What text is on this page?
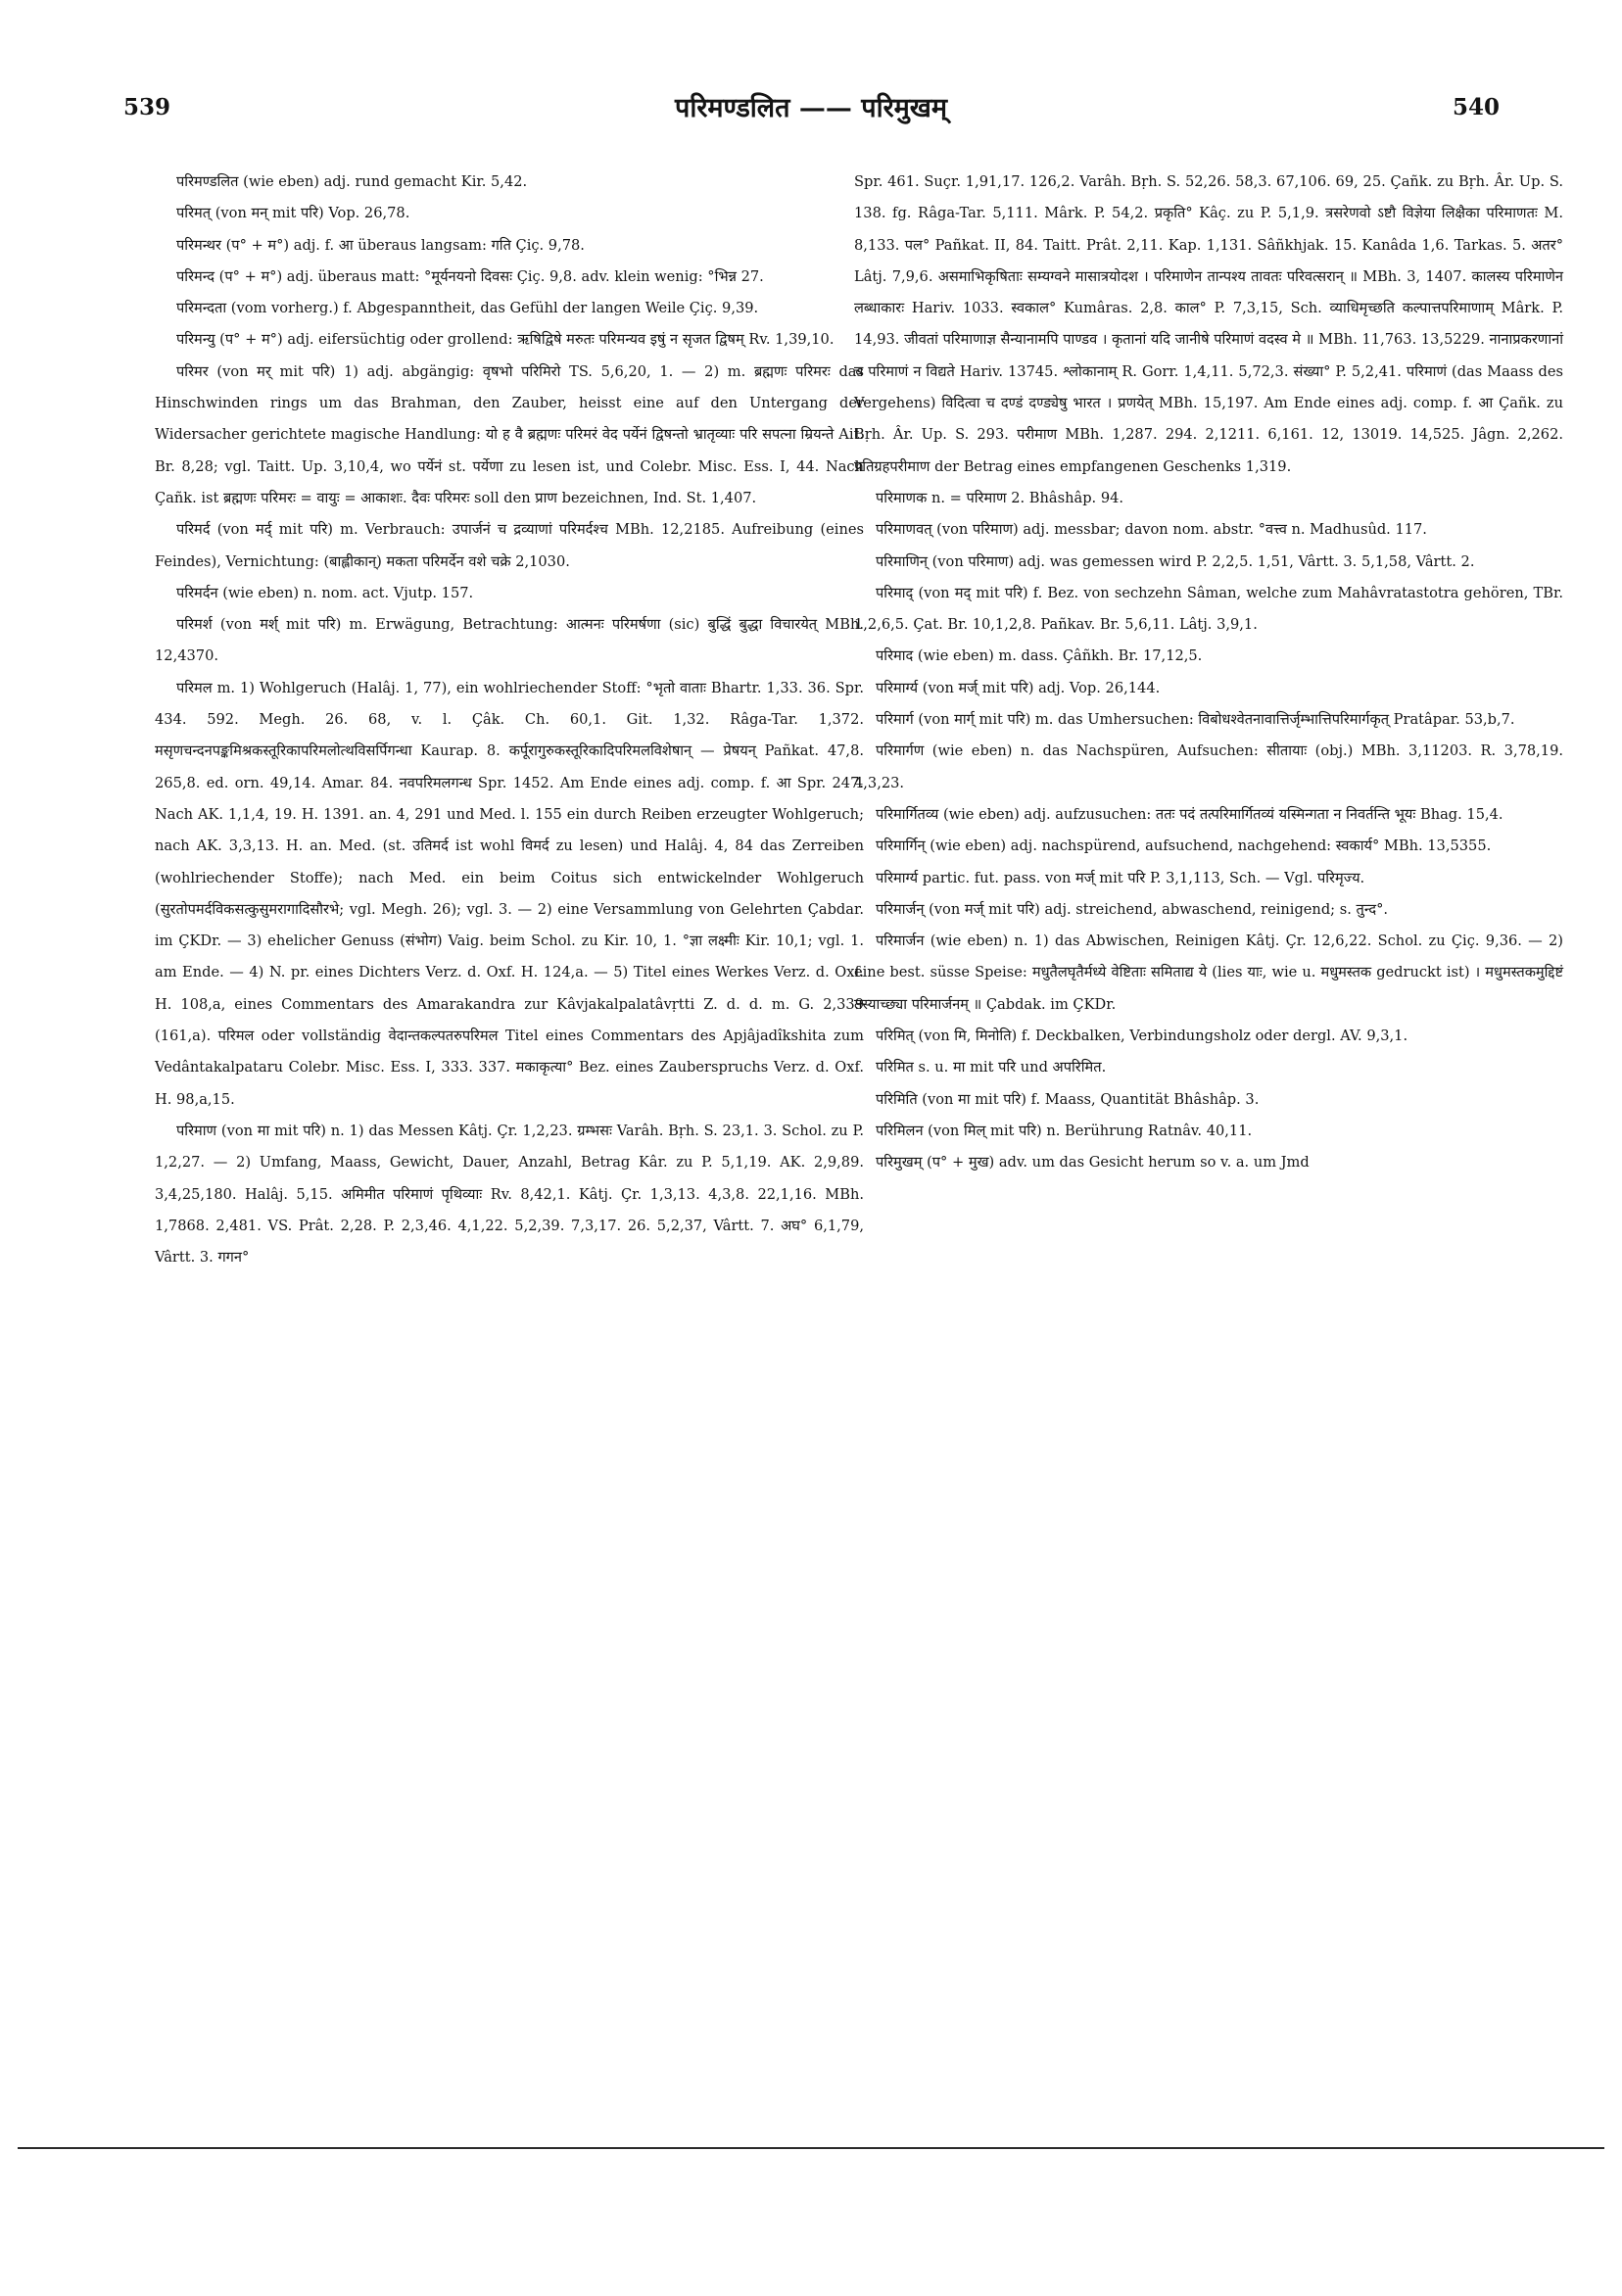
539	परिमण्डलित —— परिमुखम्	540

परिमण्डलित (wie eben) adj. rund gemacht Kir. 5,42.

परिमत् (von मन् mit परि) Vop. 26,78.

परिमन्थर (प° + म°) adj. f. आ überaus langsam: गति Çiç. 9,78.

परिमन्द (प° + म°) adj. überaus matt: °मूर्यनयनो दिवसः Çiç. 9,8. adv. klein wenig: °भिन्न 27.

परिमन्दता (vom vorherg.) f. Abgespanntheit, das Gefühl der langen Weile Çiç. 9,39.

परिमन्यु (प° + म°) adj. eifersüchtig oder grollend: ऋषिद्विषे मरुतः परिमन्यव इषुं न सृजत द्विषम् Rv. 1,39,10.

परिमर (von मर् mit परि) 1) adj. abgängig: वृषभो परिमिरो TS. 5,6,20, 1. — 2) m. ब्रह्मणः परिमरः das Hinschwinden rings um das Brahman, den Zauber, heisst eine auf den Untergang der Widersacher gerichtete magische Handlung: यो ह वै ब्रह्मणः परिमरं वेद पर्येनं द्विषन्तो भ्रातृव्याः परि सपत्ना म्रियन्ते Ait. Br. 8,28; vgl. Taitt. Up. 3,10,4, wo पर्येनं st. पर्येणा zu lesen ist, und Colebr. Misc. Ess. I, 44. Nach Çañk. ist ब्रह्मणः परिमरः = वायुः = आकाशः. दैवः परिमरः soll den प्राण bezeichnen, Ind. St. 1,407.

परिमर्द (von मर्द् mit परि) m. Verbrauch: उपार्जनं च द्रव्याणां परिमर्दश्च MBh. 12,2185. Aufreibung (eines Feindes), Vernichtung: (बाह्लीकान्) मकता परिमर्देन वशे चक्रे 2,1030.

परिमर्दन (wie eben) n. nom. act. Vjutp. 157.

परिमर्श (von मर्श् mit परि) m. Erwägung, Betrachtung: आत्मनः परिमर्षणा (sic) बुद्धिं बुद्धा विचारयेत् MBh. 12,4370.

परिमल m. 1) Wohlgeruch (Halâj. 1, 77), ein wohlriechender Stoff: °भृतो वाताः Bhartr. 1,33. 36. Spr. 434. 592. Megh. 26. 68, v. l. Çâk. Ch. 60,1. Git. 1,32. Râga-Tar. 1,372. मसृणचन्दनपङ्कमिश्रकस्तूरिकापरिमलोत्थविसर्पिगन्धा Kaurap. 8. कर्पूरागुरुकस्तूरिकादिपरिमलविशेषान् — प्रेषयन् Pañkat. 47,8. 265,8. ed. orn. 49,14. Amar. 84. नवपरिमलगन्ध Spr. 1452. Am Ende eines adj. comp. f. आ Spr. 247. Nach AK. 1,1,4, 19. H. 1391. an. 4, 291 und Med. l. 155 ein durch Reiben erzeugter Wohlgeruch; nach AK. 3,3,13. H. an. Med. (st. उतिमर्द ist wohl विमर्द zu lesen) und Halâj. 4, 84 das Zerreiben (wohlriechender Stoffe); nach Med. ein beim Coitus sich entwickelnder Wohlgeruch (सुरतोपमर्दविकसत्कुसुमरागादिसौरभे; vgl. Megh. 26); vgl. 3. — 2) eine Versammlung von Gelehrten Çabdar. im ÇKDr. — 3) ehelicher Genuss (संभोग) Vaig. beim Schol. zu Kir. 10, 1. °ज्ञा लक्ष्मीः Kir. 10,1; vgl. 1. am Ende. — 4) N. pr. eines Dichters Verz. d. Oxf. H. 124,a. — 5) Titel eines Werkes Verz. d. Oxf. H. 108,a, eines Commentars des Amarakandra zur Kâvjakalpalatâvṛtti Z. d. d. m. G. 2,339 (161,a). परिमल oder vollständig वेदान्तकल्पतरुपरिमल Titel eines Commentars des Apjâjadîkshita zum Vedântakalpataru Colebr. Misc. Ess. I, 333. 337. मकाकृत्या° Bez. eines Zauberspruchs Verz. d. Oxf. H. 98,a,15.

परिमाण (von मा mit परि) n. 1) das Messen Kâtj. Çr. 1,2,23. ग्रम्भसः Varâh. Bṛh. S. 23,1. 3. Schol. zu P. 1,2,27. — 2) Umfang, Maass, Gewicht, Dauer, Anzahl, Betrag Kâr. zu P. 5,1,19. AK. 2,9,89. 3,4,25,180. Halâj. 5,15. अमिमीत परिमाणं पृथिव्याः Rv. 8,42,1. Kâtj. Çr. 1,3,13. 4,3,8. 22,1,16. MBh. 1,7868. 2,481. VS. Prât. 2,28. P. 2,3,46. 4,1,22. 5,2,39. 7,3,17. 26. 5,2,37, Vârtt. 7. अघ° 6,1,79, Vârtt. 3. गगन°

Spr. 461. Suçr. 1,91,17. 126,2. Varâh. Bṛh. S. 52,26. 58,3. 67,106. 69, 25. Çañk. zu Bṛh. Âr. Up. S. 138. fg. Râga-Tar. 5,111. Mârk. P. 54,2. प्रकृति° Kâç. zu P. 5,1,9. त्रसरेणवो ऽष्टौ विज्ञेया लिक्षैका परिमाणतः M. 8,133. पल° Pañkat. II, 84. Taitt. Prât. 2,11. Kap. 1,131. Sâñkhjak. 15. Kanâda 1,6. Tarkas. 5. अतर° Lâtj. 7,9,6. असमाभिकृषिताः सम्यग्वने मासात्रयोदश । परिमाणेन तान्पश्य तावतः परिवत्सरान् ॥ MBh. 3, 1407. कालस्य परिमाणेन लब्धाकारः Hariv. 1033. स्वकाल° Kumâras. 2,8. काल° P. 7,3,15, Sch. व्याधिमृच्छति कल्पात्तपरिमाणाम् Mârk. P. 14,93. जीवतां परिमाणाज्ञ सैन्यानामपि पाण्डव । कृतानां यदि जानीषे परिमाणं वदस्व मे ॥ MBh. 11,763. 13,5229. नानाप्रकरणानां च परिमाणं न विद्यते Hariv. 13745. श्लोकानाम् R. Gorr. 1,4,11. 5,72,3. संख्या° P. 5,2,41. परिमाणं (das Maass des Vergehens) विदित्वा च दण्डं दण्ड्येषु भारत । प्रणयेत् MBh. 15,197. Am Ende eines adj. comp. f. आ Çañk. zu Bṛh. Âr. Up. S. 293. परीमाण MBh. 1,287. 294. 2,1211. 6,161. 12, 13019. 14,525. Jâgn. 2,262. प्रतिग्रहपरीमाण der Betrag eines empfangenen Geschenks 1,319.

परिमाणक n. = परिमाण 2. Bhâshâp. 94.

परिमाणवत् (von परिमाण) adj. messbar; davon nom. abstr. °वत्त्व n. Madhusûd. 117.

परिमाणिन् (von परिमाण) adj. was gemessen wird P. 2,2,5. 1,51, Vârtt. 3. 5,1,58, Vârtt. 2.

परिमाद् (von मद् mit परि) f. Bez. von sechzehn Sâman, welche zum Mahâvratastotra gehören, TBr. 1,2,6,5. Çat. Br. 10,1,2,8. Pañkav. Br. 5,6,11. Lâtj. 3,9,1.

परिमाद (wie eben) m. dass. Çâñkh. Br. 17,12,5.

परिमार्ग्य (von मर्ज् mit परि) adj. Vop. 26,144.

परिमार्ग (von मार्ग् mit परि) m. das Umhersuchen: विबोधश्वेतनावात्तिर्जृम्भात्तिपरिमार्गकृत् Pratâpar. 53,b,7.

परिमार्गण (wie eben) n. das Nachspüren, Aufsuchen: सीतायाः (obj.) MBh. 3,11203. R. 3,78,19. 4,3,23.

परिमार्गितव्य (wie eben) adj. aufzusuchen: ततः पदं तत्परिमार्गितव्यं यस्मिन्गता न निवर्तन्ति भूयः Bhag. 15,4.

परिमार्गिन् (wie eben) adj. nachspürend, aufsuchend, nachgehend: स्वकार्य° MBh. 13,5355.

परिमार्ग्य partic. fut. pass. von मर्ज् mit परि P. 3,1,113, Sch. — Vgl. परिमृज्य.

परिमार्जन् (von मर्ज् mit परि) adj. streichend, abwaschend, reinigend; s. तुन्द°.

परिमार्जन (wie eben) n. 1) das Abwischen, Reinigen Kâtj. Çr. 12,6,22. Schol. zu Çiç. 9,36. — 2) eine best. süsse Speise: मधुतैलघृतैर्मध्ये वेष्टिताः समिताद्य ये (lies याः, wie u. मधुमस्तक gedruckt ist) । मधुमस्तकमुद्दिष्टं तस्याच्छ्या परिमार्जनम् ॥ Çabdak. im ÇKDr.

परिमित् (von मि, मिनोति) f. Deckbalken, Verbindungsholz oder dergl. AV. 9,3,1.

परिमित s. u. मा mit परि und अपरिमित.

परिमिति (von मा mit परि) f. Maass, Quantität Bhâshâp. 3.

परिमिलन (von मिल् mit परि) n. Berührung Ratnâv. 40,11.

परिमुखम् (प° + मुख) adv. um das Gesicht herum so v. a. um Jmd
